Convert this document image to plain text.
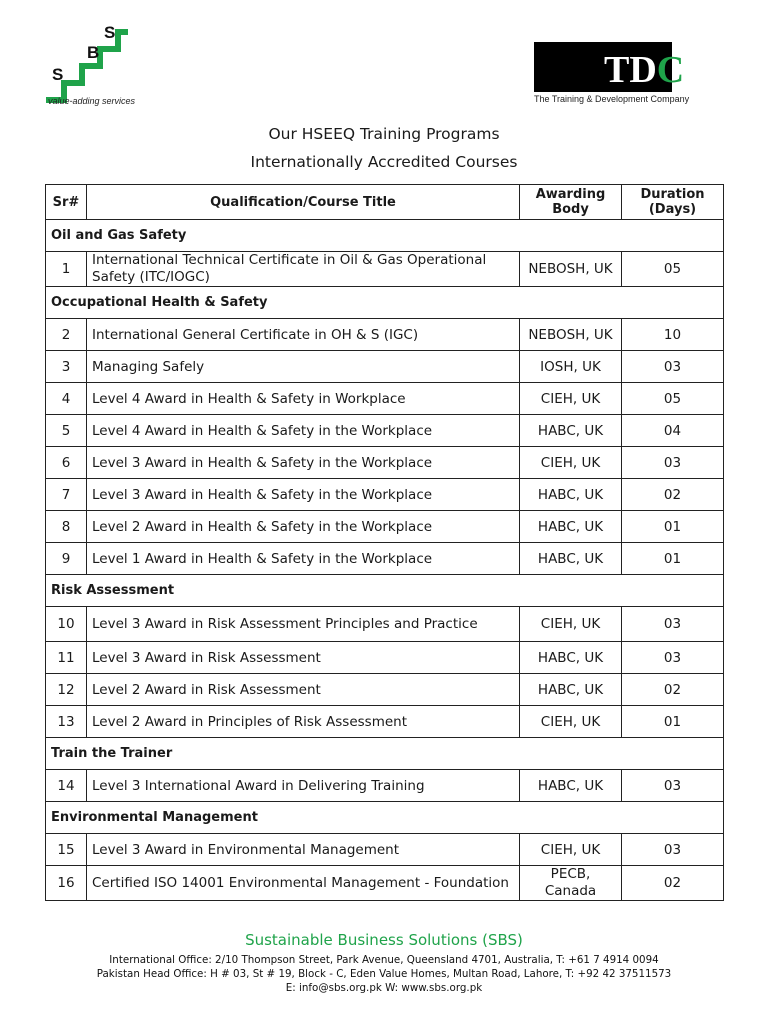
S
B
S
value-adding services
TDC
The Training & Development Company
Our HSEEQ Training Programs
Internationally Accredited Courses
Sr#	Qualification/Course Title	Awarding Body	Duration (Days)
Oil and Gas Safety			
1	International Technical Certificate in Oil & Gas Operational Safety (ITC/IOGC)	NEBOSH, UK	05
Occupational Health & Safety			
2	International General Certificate in OH & S (IGC)	NEBOSH, UK	10
3	Managing Safely	IOSH, UK	03
4	Level 4 Award in Health & Safety in Workplace	CIEH, UK	05
5	Level 4 Award in Health & Safety in the Workplace	HABC, UK	04
6	Level 3 Award in Health & Safety in the Workplace	CIEH, UK	03
7	Level 3 Award in Health & Safety in the Workplace	HABC, UK	02
8	Level 2 Award in Health & Safety in the Workplace	HABC, UK	01
9	Level 1 Award in Health & Safety in the Workplace	HABC, UK	01
Risk Assessment			
10	Level 3 Award in Risk Assessment Principles and Practice	CIEH, UK	03
11	Level 3 Award in Risk Assessment	HABC, UK	03
12	Level 2 Award in Risk Assessment	HABC, UK	02
13	Level 2 Award in Principles of Risk Assessment	CIEH, UK	01
Train the Trainer			
14	Level 3 International Award in Delivering Training	HABC, UK	03
Environmental Management			
15	Level 3 Award in Environmental Management	CIEH, UK	03
16	Certified ISO 14001 Environmental Management - Foundation	PECB, Canada	02
Sustainable Business Solutions (SBS)
International Office: 2/10 Thompson Street, Park Avenue, Queensland 4701, Australia, T: +61 7 4914 0094
Pakistan Head Office: H # 03, St # 19, Block - C, Eden Value Homes, Multan Road, Lahore, T: +92 42 37511573
E: info@sbs.org.pk W: www.sbs.org.pk
